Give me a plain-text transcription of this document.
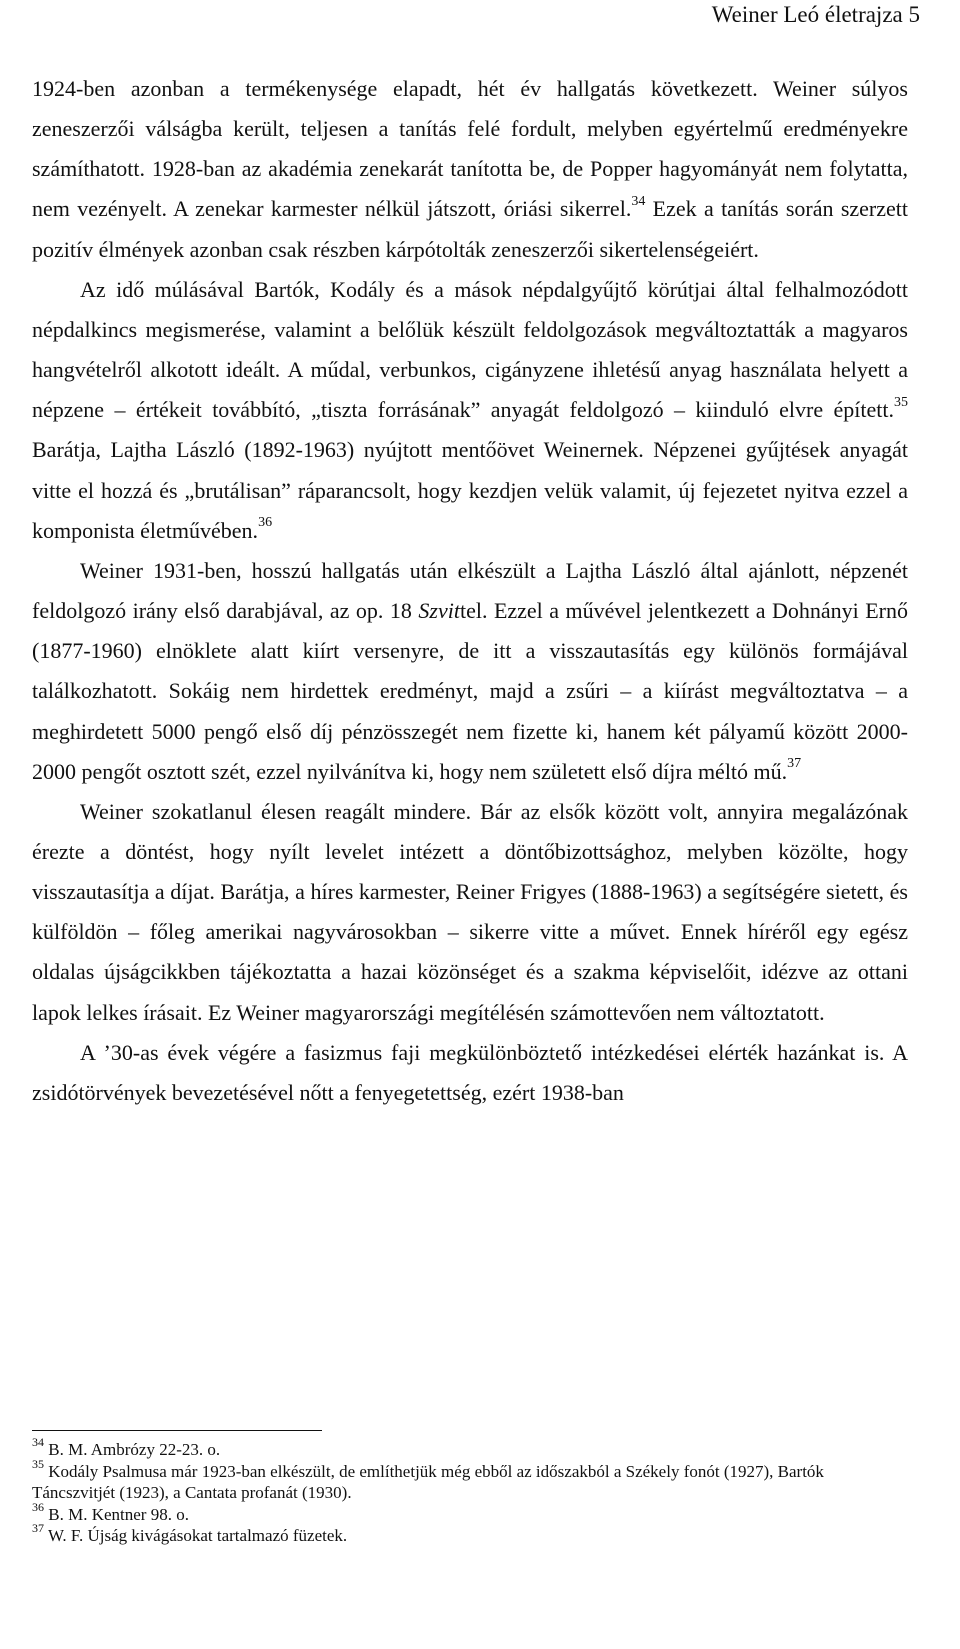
Weiner Leó életrajza 5

1924-ben azonban a termékenysége elapadt, hét év hallgatás következett. Weiner súlyos zeneszerzői válságba került, teljesen a tanítás felé fordult, melyben egyértelmű eredményekre számíthatott. 1928-ban az akadémia zenekarát tanította be, de Popper hagyományát nem folytatta, nem vezényelt. A zenekar karmester nélkül játszott, óriási sikerrel.$^{34}$ Ezek a tanítás során szerzett pozitív élmények azonban csak részben kárpótolták zeneszerzői sikertelenségeiért.

Az idő múlásával Bartók, Kodály és a mások népdalgyűjtő körútjai által felhalmozódott népdalkincs megismerése, valamint a belőlük készült feldolgozások megváltoztatták a magyaros hangvételről alkotott ideált. A műdal, verbunkos, cigányzene ihletésű anyag használata helyett a népzene – értékeit továbbító, „tiszta forrásának” anyagát feldolgozó – kiinduló elvre épített.$^{35}$ Barátja, Lajtha László (1892-1963) nyújtott mentőövet Weinernek. Népzenei gyűjtések anyagát vitte el hozzá és „brutálisan” ráparancsolt, hogy kezdjen velük valamit, új fejezetet nyitva ezzel a komponista életművében.$^{36}$

Weiner 1931-ben, hosszú hallgatás után elkészült a Lajtha László által ajánlott, népzenét feldolgozó irány első darabjával, az op. 18 Szvittel. Ezzel a művével jelentkezett a Dohnányi Ernő (1877-1960) elnöklete alatt kiírt versenyre, de itt a visszautasítás egy különös formájával találkozhatott. Sokáig nem hirdettek eredményt, majd a zsűri – a kiírást megváltoztatva – a meghirdetett 5000 pengő első díj pénzösszegét nem fizette ki, hanem két pályamű között 2000-2000 pengőt osztott szét, ezzel nyilvánítva ki, hogy nem született első díjra méltó mű.$^{37}$

Weiner szokatlanul élesen reagált mindere. Bár az elsők között volt, annyira megalázónak érezte a döntést, hogy nyílt levelet intézett a döntőbizottsághoz, melyben közölte, hogy visszautasítja a díjat. Barátja, a híres karmester, Reiner Frigyes (1888-1963) a segítségére sietett, és külföldön – főleg amerikai nagyvárosokban – sikerre vitte a művet. Ennek híréről egy egész oldalas újságcikkben tájékoztatta a hazai közönséget és a szakma képviselőit, idézve az ottani lapok lelkes írásait. Ez Weiner magyarországi megítélésén számottevően nem változtatott.

A ’30-as évek végére a fasizmus faji megkülönböztető intézkedései elérték hazánkat is. A zsidótörvények bevezetésével nőtt a fenyegetettség, ezért 1938-ban

$^{34}$ B. M. Ambrózy 22-23. o.
$^{35}$ Kodály Psalmusa már 1923-ban elkészült, de említhetjük még ebből az időszakból a Székely fonót (1927), Bartók Táncszvitjét (1923), a Cantata profanát (1930).
$^{36}$ B. M. Kentner 98. o.
$^{37}$ W. F. Újság kivágásokat tartalmazó füzetek.
